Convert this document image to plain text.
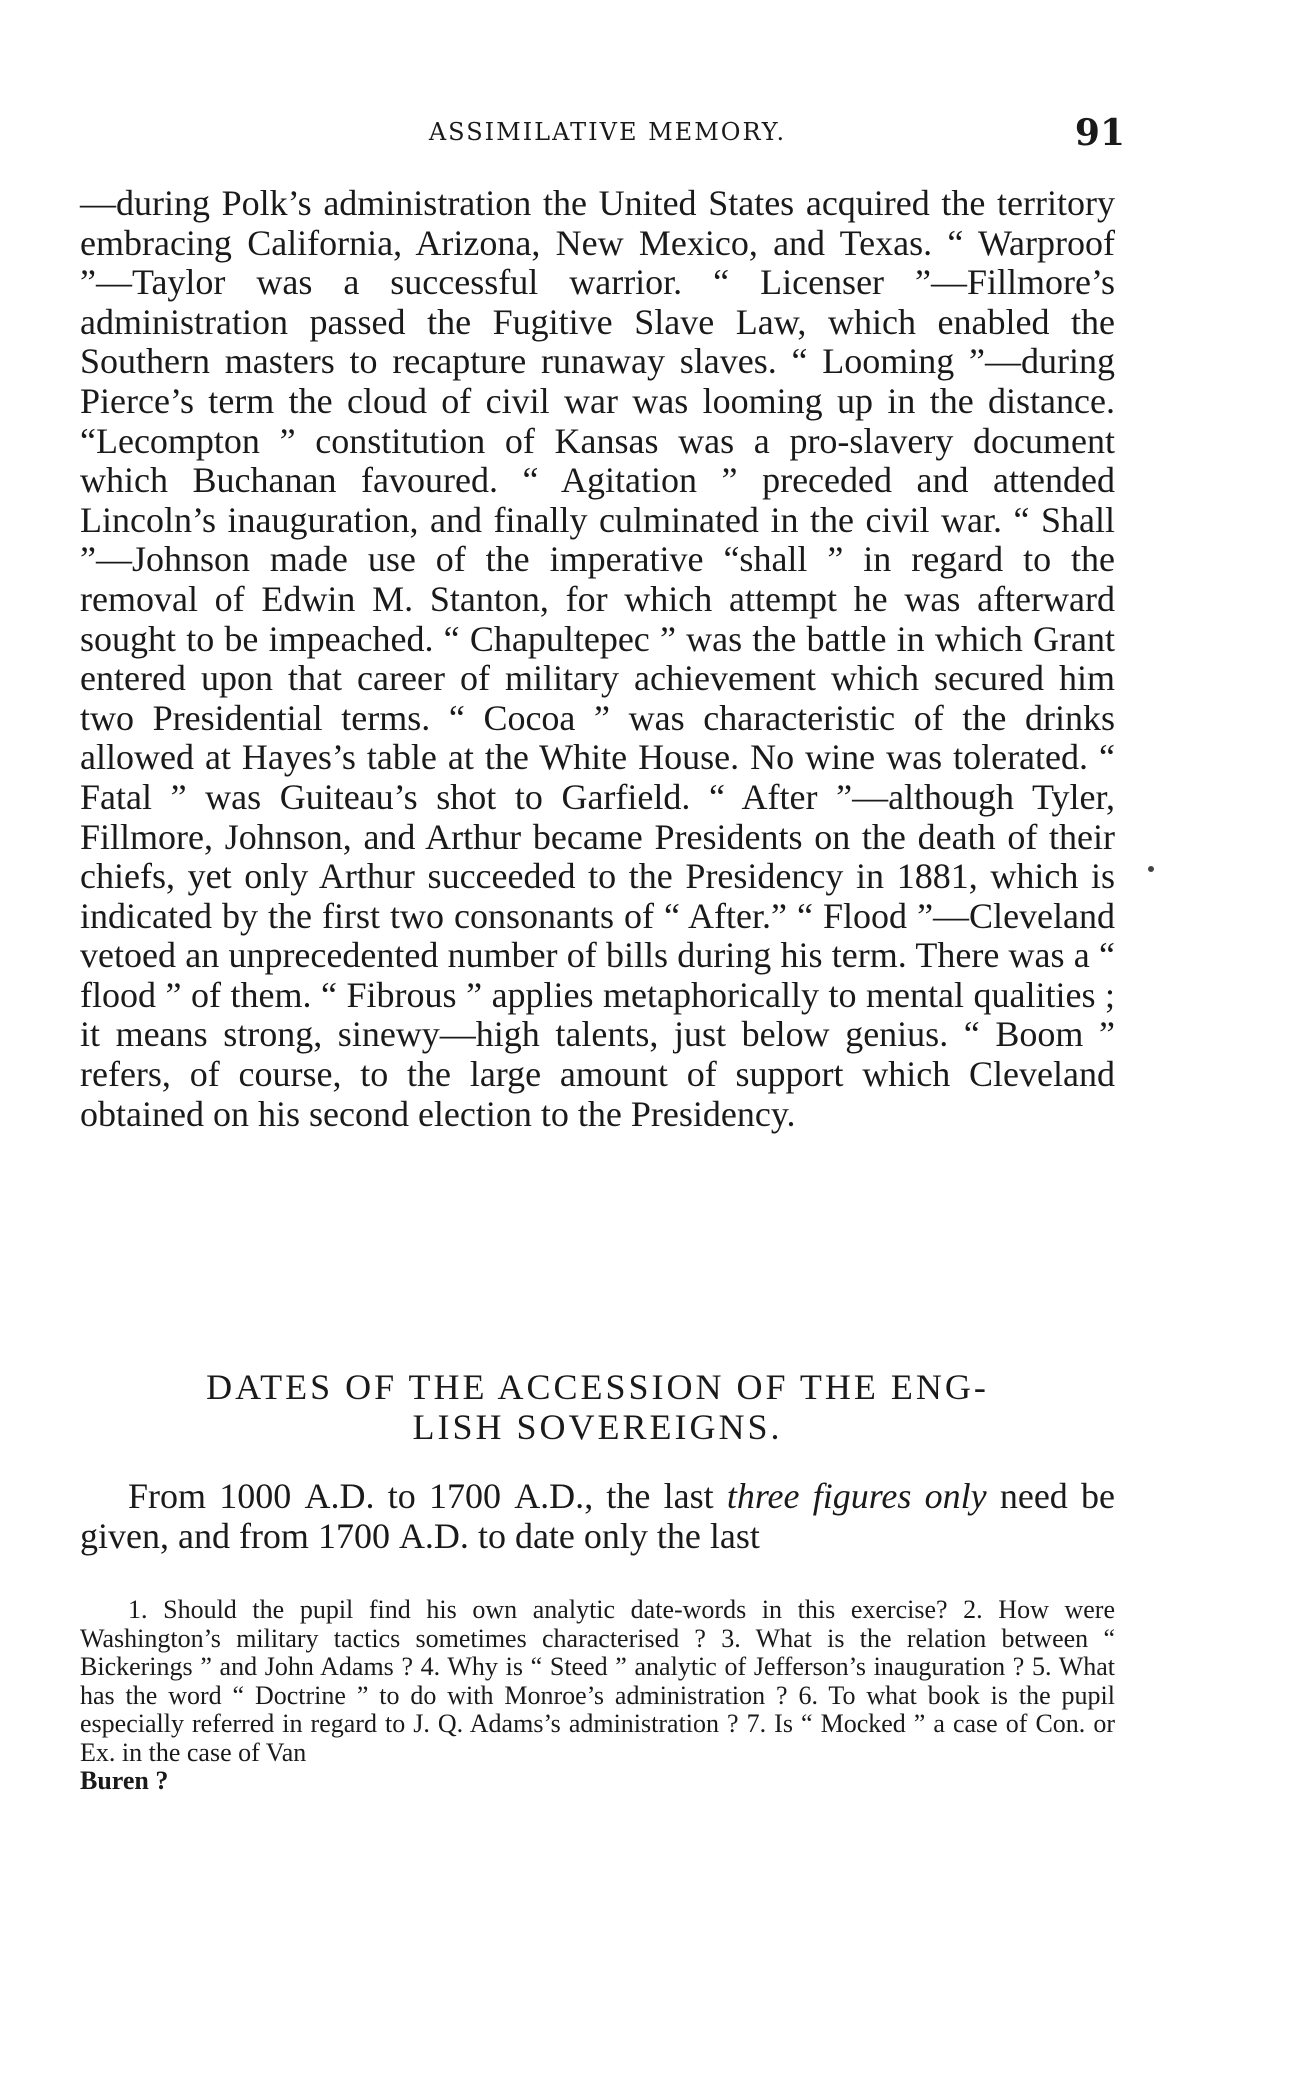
ASSIMILATIVE MEMORY.	91

—during Polk’s administration the United States acquired the territory embracing California, Arizona, New Mexico, and Texas. “ Warproof ”—Taylor was a successful warrior. “ Licenser ”—Fillmore’s administration passed the Fugitive Slave Law, which enabled the Southern masters to recapture runaway slaves. “ Looming ”—during Pierce’s term the cloud of civil war was looming up in the distance. “Lecompton ” constitution of Kansas was a pro-slavery document which Buchanan favoured. “ Agitation ” preceded and attended Lincoln’s inauguration, and finally culminated in the civil war. “ Shall ”—Johnson made use of the imperative “shall ” in regard to the removal of Edwin M. Stanton, for which attempt he was afterward sought to be impeached. “ Chapultepec ” was the battle in which Grant entered upon that career of military achievement which secured him two Presidential terms. “ Cocoa ” was characteristic of the drinks allowed at Hayes’s table at the White House. No wine was tolerated. “ Fatal ” was Guiteau’s shot to Garfield. “ After ”—although Tyler, Fillmore, Johnson, and Arthur became Presidents on the death of their chiefs, yet only Arthur succeeded to the Presidency in 1881, which is indicated by the first two consonants of “ After.” “ Flood ”—Cleveland vetoed an unprecedented number of bills during his term. There was a “ flood ” of them. “ Fibrous ” applies metaphorically to mental qualities ; it means strong, sinewy—high talents, just below genius. “ Boom ” refers, of course, to the large amount of support which Cleveland obtained on his second election to the Presidency.

DATES OF THE ACCESSION OF THE ENG-
LISH SOVEREIGNS.

From 1000 A.D. to 1700 A.D., the last three figures only need be given, and from 1700 A.D. to date only the last

1. Should the pupil find his own analytic date-words in this exercise? 2. How were Washington’s military tactics sometimes characterised ? 3. What is the relation between “ Bickerings ” and John Adams ? 4. Why is “ Steed ” analytic of Jefferson’s inauguration ? 5. What has the word “ Doctrine ” to do with Monroe’s administration ? 6. To what book is the pupil especially referred in regard to J. Q. Adams’s administration ? 7. Is “ Mocked ” a case of Con. or Ex. in the case of Van
Buren ?
